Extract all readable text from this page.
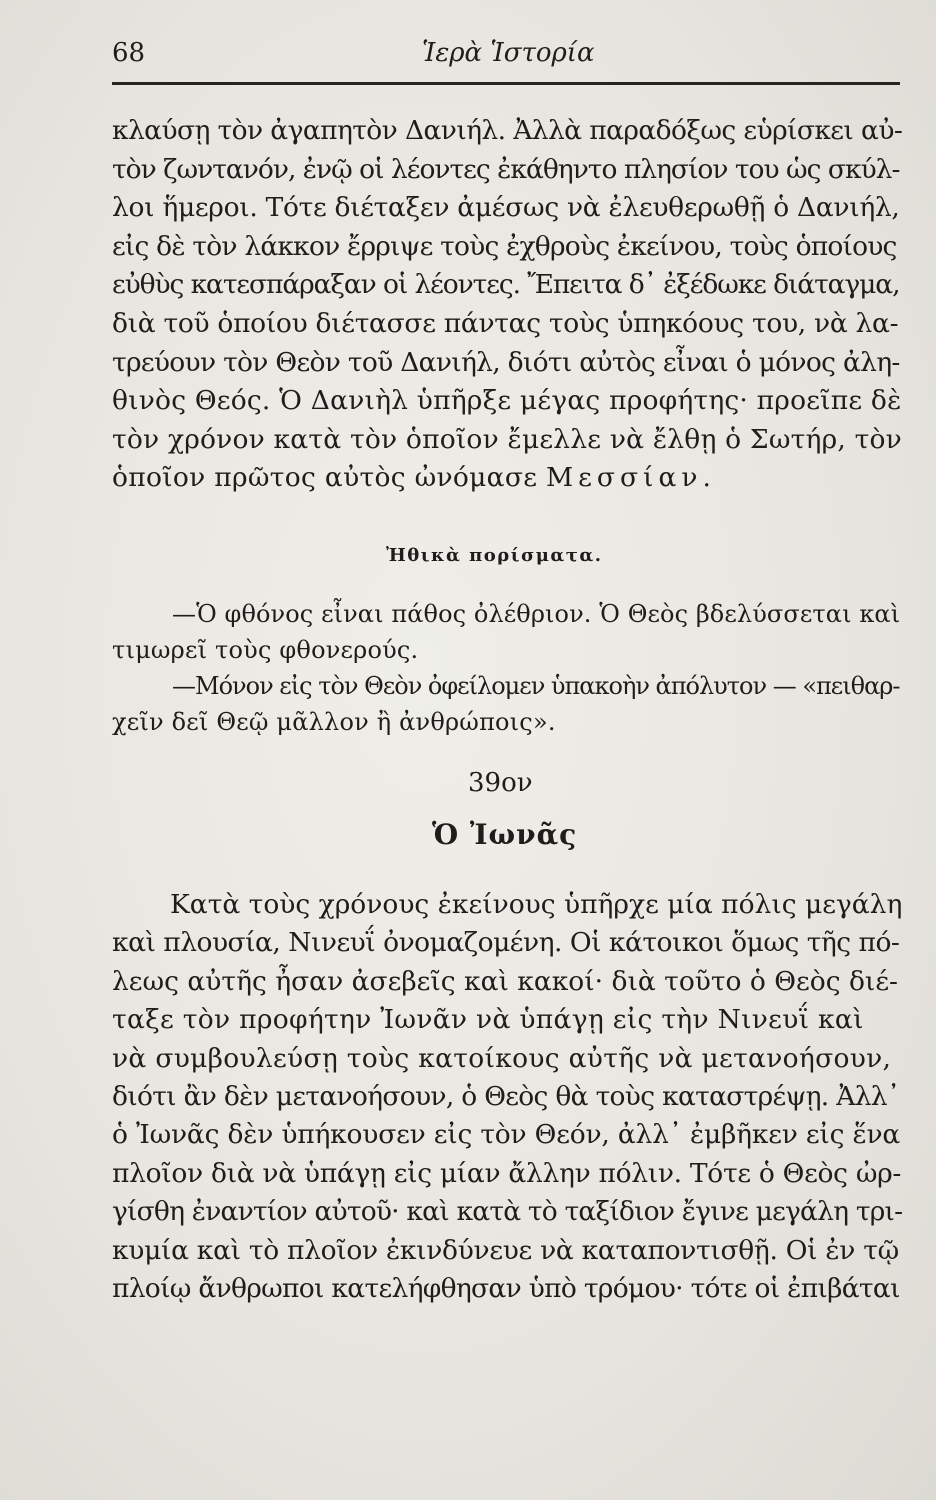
68	Ἱερὰ Ἱστορία
κλαύσῃ τὸν ἀγαπητὸν Δανιήλ. Ἀλλὰ παραδόξως εὑρίσκει αὐ-
τὸν ζωντανόν, ἐνῷ οἱ λέοντες ἐκάθηντο πλησίον του ὡς σκύλ-
λοι ἥμεροι. Τότε διέταξεν ἀμέσως νὰ ἐλευθερωθῇ ὁ Δανιήλ,
εἰς δὲ τὸν λάκκον ἔρριψε τοὺς ἐχθροὺς ἐκείνου, τοὺς ὁποίους
εὐθὺς κατεσπάραξαν οἱ λέοντες. Ἔπειτα δ᾽ ἐξέδωκε διάταγμα,
διὰ τοῦ ὁποίου διέτασσε πάντας τοὺς ὑπηκόους του, νὰ λα-
τρεύουν τὸν Θεὸν τοῦ Δανιήλ, διότι αὐτὸς εἶναι ὁ μόνος ἀλη-
θινὸς Θεός. Ὁ Δανιὴλ ὑπῆρξε μέγας προφήτης· προεῖπε δὲ
τὸν χρόνον κατὰ τὸν ὁποῖον ἔμελλε νὰ ἔλθῃ ὁ Σωτήρ, τὸν
ὁποῖον πρῶτος αὐτὸς ὠνόμασε Μεσσίαν.
Ἠθικὰ πορίσματα.
—Ὁ φθόνος εἶναι πάθος ὀλέθριον. Ὁ Θεὸς βδελύσσεται καὶ
τιμωρεῖ τοὺς φθονερούς.
—Μόνον εἰς τὸν Θεὸν ὀφείλομεν ὑπακοὴν ἀπόλυτον — «πειθαρ-
χεῖν δεῖ Θεῷ μᾶλλον ἢ ἀνθρώποις».
39ον
Ὁ Ἰωνᾶς
Κατὰ τοὺς χρόνους ἐκείνους ὑπῆρχε μία πόλις μεγάλη
καὶ πλουσία, Νινευΐ ὀνομαζομένη. Οἱ κάτοικοι ὅμως τῆς πό-
λεως αὐτῆς ἦσαν ἀσεβεῖς καὶ κακοί· διὰ τοῦτο ὁ Θεὸς διέ-
ταξε τὸν προφήτην Ἰωνᾶν νὰ ὑπάγῃ εἰς τὴν Νινευΐ καὶ
νὰ συμβουλεύσῃ τοὺς κατοίκους αὐτῆς νὰ μετανοήσουν,
διότι ἂν δὲν μετανοήσουν, ὁ Θεὸς θὰ τοὺς καταστρέψῃ. Ἀλλ᾽
ὁ Ἰωνᾶς δὲν ὑπήκουσεν εἰς τὸν Θεόν, ἀλλ᾽ ἐμβῆκεν εἰς ἕνα
πλοῖον διὰ νὰ ὑπάγῃ εἰς μίαν ἄλλην πόλιν. Τότε ὁ Θεὸς ὠρ-
γίσθη ἐναντίον αὐτοῦ· καὶ κατὰ τὸ ταξίδιον ἔγινε μεγάλη τρι-
κυμία καὶ τὸ πλοῖον ἐκινδύνευε νὰ καταποντισθῇ. Οἱ ἐν τῷ
πλοίῳ ἄνθρωποι κατελήφθησαν ὑπὸ τρόμου· τότε οἱ ἐπιβάται
